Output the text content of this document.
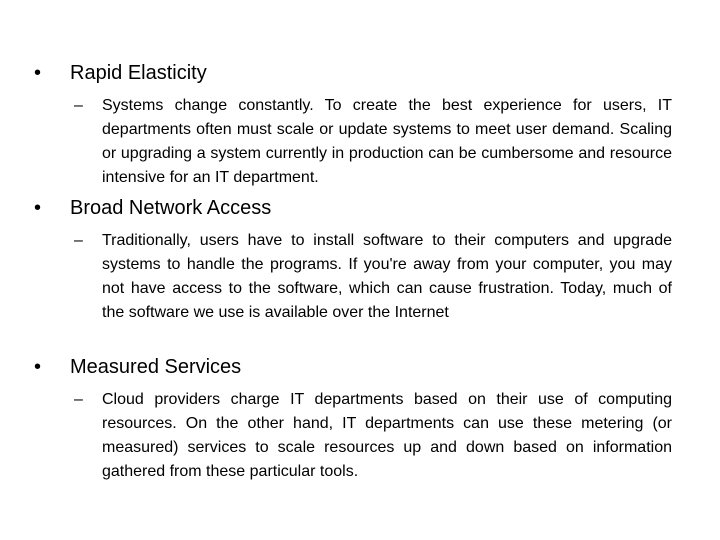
• Rapid Elasticity
– Systems change constantly. To create the best experience for users, IT departments often must scale or update systems to meet user demand. Scaling or upgrading a system currently in production can be cumbersome and resource intensive for an IT department.
• Broad Network Access
– Traditionally, users have to install software to their computers and upgrade systems to handle the programs. If you're away from your computer, you may not have access to the software, which can cause frustration. Today, much of the software we use is available over the Internet
• Measured Services
– Cloud providers charge IT departments based on their use of computing resources. On the other hand, IT departments can use these metering (or measured) services to scale resources up and down based on information gathered from these particular tools.
